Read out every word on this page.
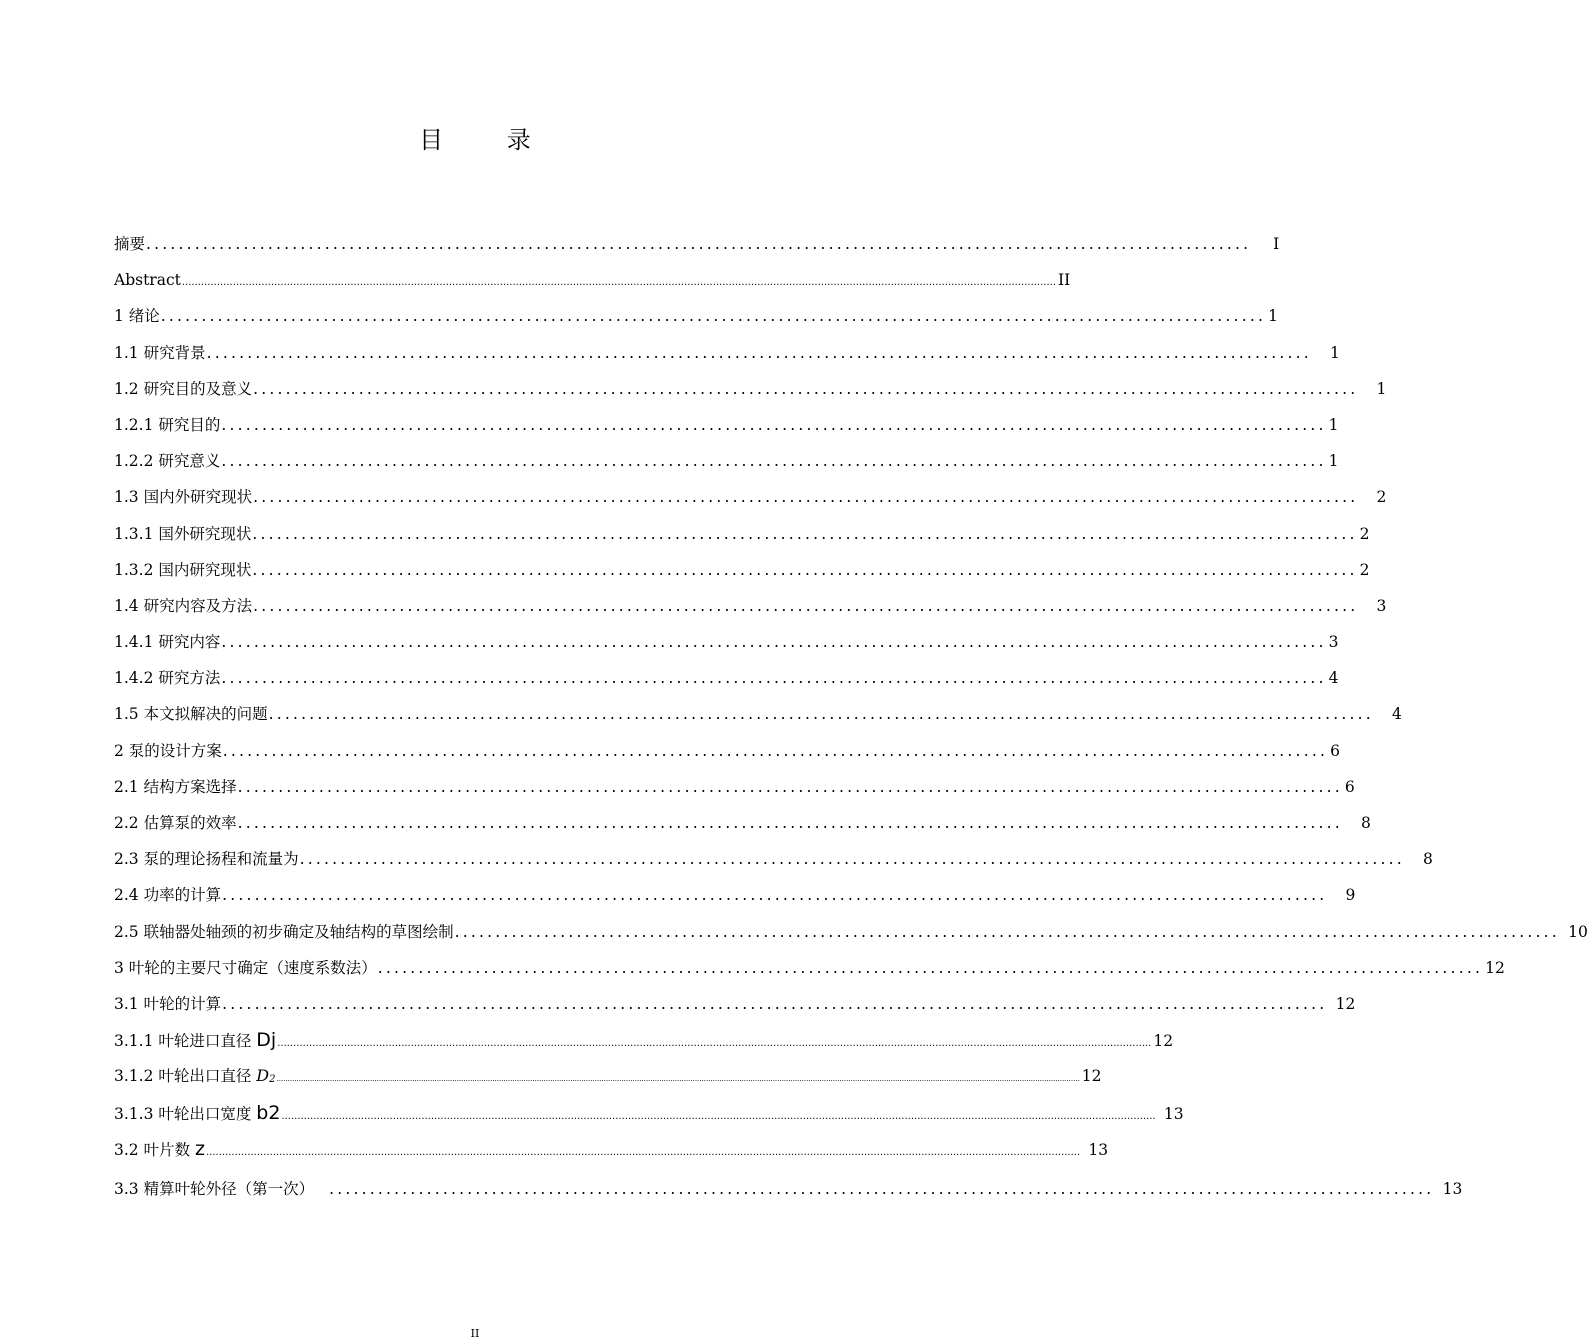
目 录
摘要 ........................................................................................................................................	I
Abstract ................................................................................................................................................................................................................................................................................... II
1 绪论 ........................................................................................................................................ 1
1.1 研究背景 ........................................................................................................................................	1
1.2 研究目的及意义 ........................................................................................................................................	1
1.2.1 研究目的 ........................................................................................................................................ 1
1.2.2 研究意义 ........................................................................................................................................ 1
1.3 国内外研究现状 ........................................................................................................................................	2
1.3.1 国外研究现状 ........................................................................................................................................ 2
1.3.2 国内研究现状 ........................................................................................................................................ 2
1.4 研究内容及方法 ........................................................................................................................................	3
1.4.1 研究内容 ........................................................................................................................................ 3
1.4.2 研究方法 ........................................................................................................................................ 4
1.5 本文拟解决的问题 ........................................................................................................................................	4
2 泵的设计方案 ........................................................................................................................................ 6
2.1 结构方案选择 ........................................................................................................................................ 6
2.2 估算泵的效率 ........................................................................................................................................	8
2.3 泵的理论扬程和流量为 ........................................................................................................................................	8
2.4 功率的计算 ........................................................................................................................................	9
2.5 联轴器处轴颈的初步确定及轴结构的草图绘制 ........................................................................................................................................ 10
3 叶轮的主要尺寸确定（速度系数法） ........................................................................................................................................ 12
3.1 叶轮的计算 ........................................................................................................................................ 12
3.1.1 叶轮进口直径 Dj ................................................................................................................................................................................................................................................................................... 12
3.1.2 叶轮出口直径 $D_2$ ......................................................................................................................................................................................................................................................................................................................................................................... 12
3.1.3 叶轮出口宽度 b2 ................................................................................................................................................................................................................................................................................... 13
3.2 叶片数 z ................................................................................................................................................................................................................................................................................... 13
3.3 精算叶轮外径（第一次） ........................................................................................................................................ 13
II
